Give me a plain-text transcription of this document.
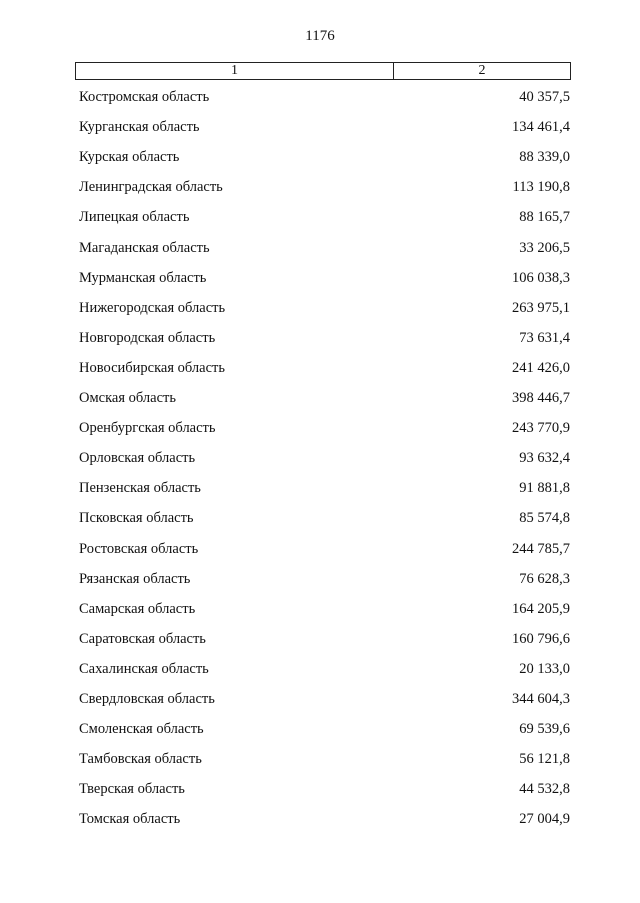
1176
1	2
Костромская область	40 357,5
Курганская область	134 461,4
Курская область	88 339,0
Ленинградская область	113 190,8
Липецкая область	88 165,7
Магаданская область	33 206,5
Мурманская область	106 038,3
Нижегородская область	263 975,1
Новгородская область	73 631,4
Новосибирская область	241 426,0
Омская область	398 446,7
Оренбургская область	243 770,9
Орловская область	93 632,4
Пензенская область	91 881,8
Псковская область	85 574,8
Ростовская область	244 785,7
Рязанская область	76 628,3
Самарская область	164 205,9
Саратовская область	160 796,6
Сахалинская область	20 133,0
Свердловская область	344 604,3
Смоленская область	69 539,6
Тамбовская область	56 121,8
Тверская область	44 532,8
Томская область	27 004,9
